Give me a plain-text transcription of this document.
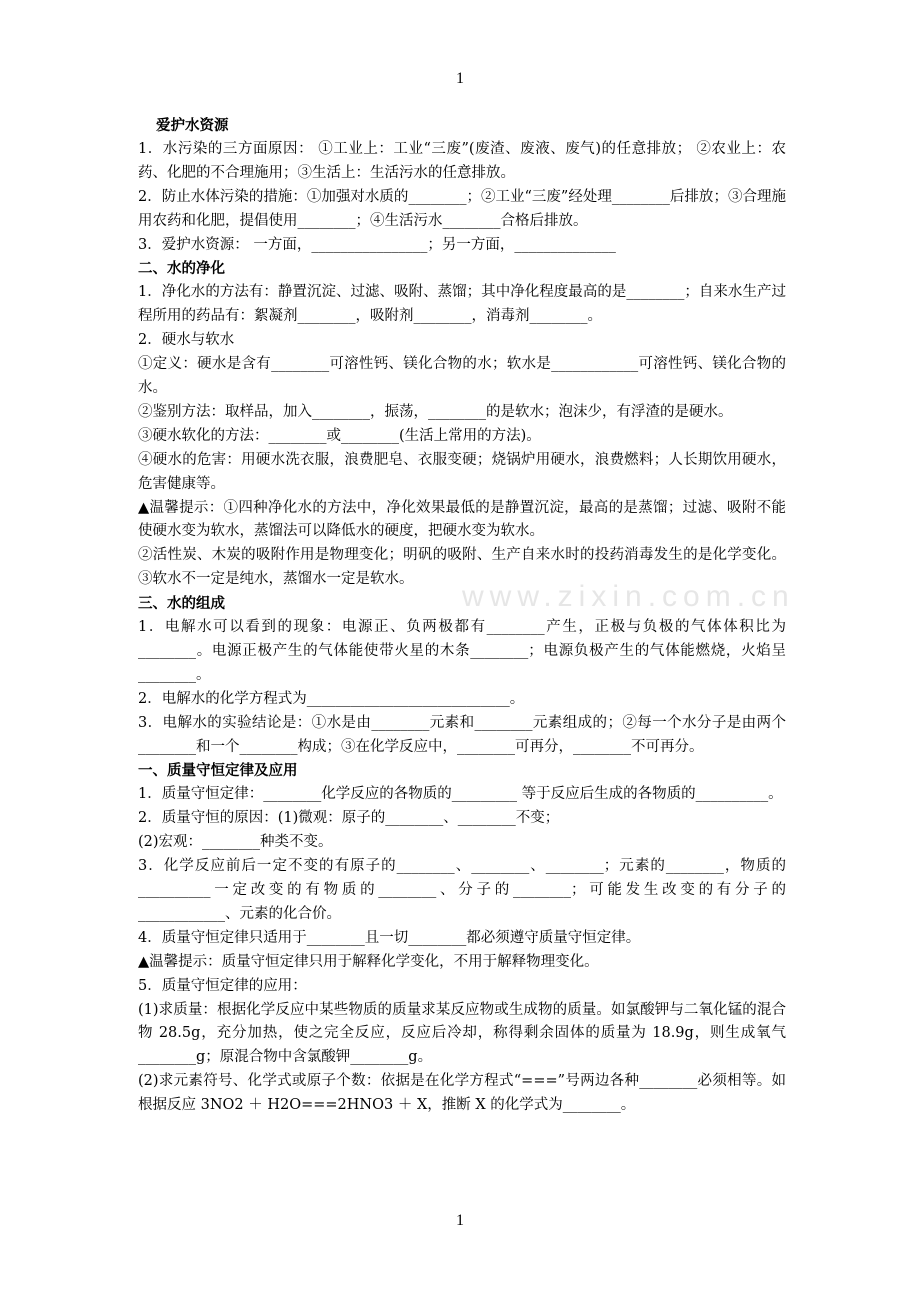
1
www.zixin.com.cn

爱护水资源

1．水污染的三方面原因： ①工业上：工业“三废”(废渣、废液、废气)的任意排放； ②农业上：农药、化肥的不合理施用；③生活上：生活污水的任意排放。

2．防止水体污染的措施：①加强对水质的________；②工业“三废”经处理________后排放；③合理施用农药和化肥，提倡使用________；④生活污水________合格后排放。

3．爱护水资源： 一方面，________________；另一方面，______________

二、水的净化

1．净化水的方法有：静置沉淀、过滤、吸附、蒸馏；其中净化程度最高的是________；自来水生产过程所用的药品有：絮凝剂________，吸附剂________，消毒剂________。

2．硬水与软水

①定义：硬水是含有________可溶性钙、镁化合物的水；软水是____________可溶性钙、镁化合物的水。

②鉴别方法：取样品，加入________，振荡，________的是软水；泡沫少，有浮渣的是硬水。

③硬水软化的方法：________或________(生活上常用的方法)。

④硬水的危害：用硬水洗衣服，浪费肥皂、衣服变硬；烧锅炉用硬水，浪费燃料；人长期饮用硬水，危害健康等。

▲温馨提示：①四种净化水的方法中，净化效果最低的是静置沉淀，最高的是蒸馏；过滤、吸附不能使硬水变为软水，蒸馏法可以降低水的硬度，把硬水变为软水。

②活性炭、木炭的吸附作用是物理变化；明矾的吸附、生产自来水时的投药消毒发生的是化学变化。③软水不一定是纯水，蒸馏水一定是软水。

三、水的组成

1．电解水可以看到的现象：电源正、负两极都有________产生，正极与负极的气体体积比为________。电源正极产生的气体能使带火星的木条________；电源负极产生的气体能燃烧，火焰呈________。

2．电解水的化学方程式为____________________________。

3．电解水的实验结论是：①水是由________元素和________元素组成的；②每一个水分子是由两个________和一个________构成；③在化学反应中，________可再分，________不可再分。

一、质量守恒定律及应用

1．质量守恒定律：________化学反应的各物质的_________ 等于反应后生成的各物质的__________。

2．质量守恒的原因：(1)微观：原子的________、________不变；

(2)宏观：________种类不变。

3．化学反应前后一定不变的有原子的________、________、________；元素的________，物质的__________一定改变的有物质的________、分子的________；可能发生改变的有分子的____________、元素的化合价。

4．质量守恒定律只适用于________且一切________都必须遵守质量守恒定律。

▲温馨提示：质量守恒定律只用于解释化学变化，不用于解释物理变化。

5．质量守恒定律的应用：

(1)求质量：根据化学反应中某些物质的质量求某反应物或生成物的质量。如氯酸钾与二氧化锰的混合物 28.5g，充分加热，使之完全反应，反应后冷却，称得剩余固体的质量为 18.9g，则生成氧气________g；原混合物中含氯酸钾________g。

(2)求元素符号、化学式或原子个数：依据是在化学方程式“===”号两边各种________必须相等。如根据反应 3NO2 ＋ H2O===2HNO3 ＋ X，推断 X 的化学式为________。

1
